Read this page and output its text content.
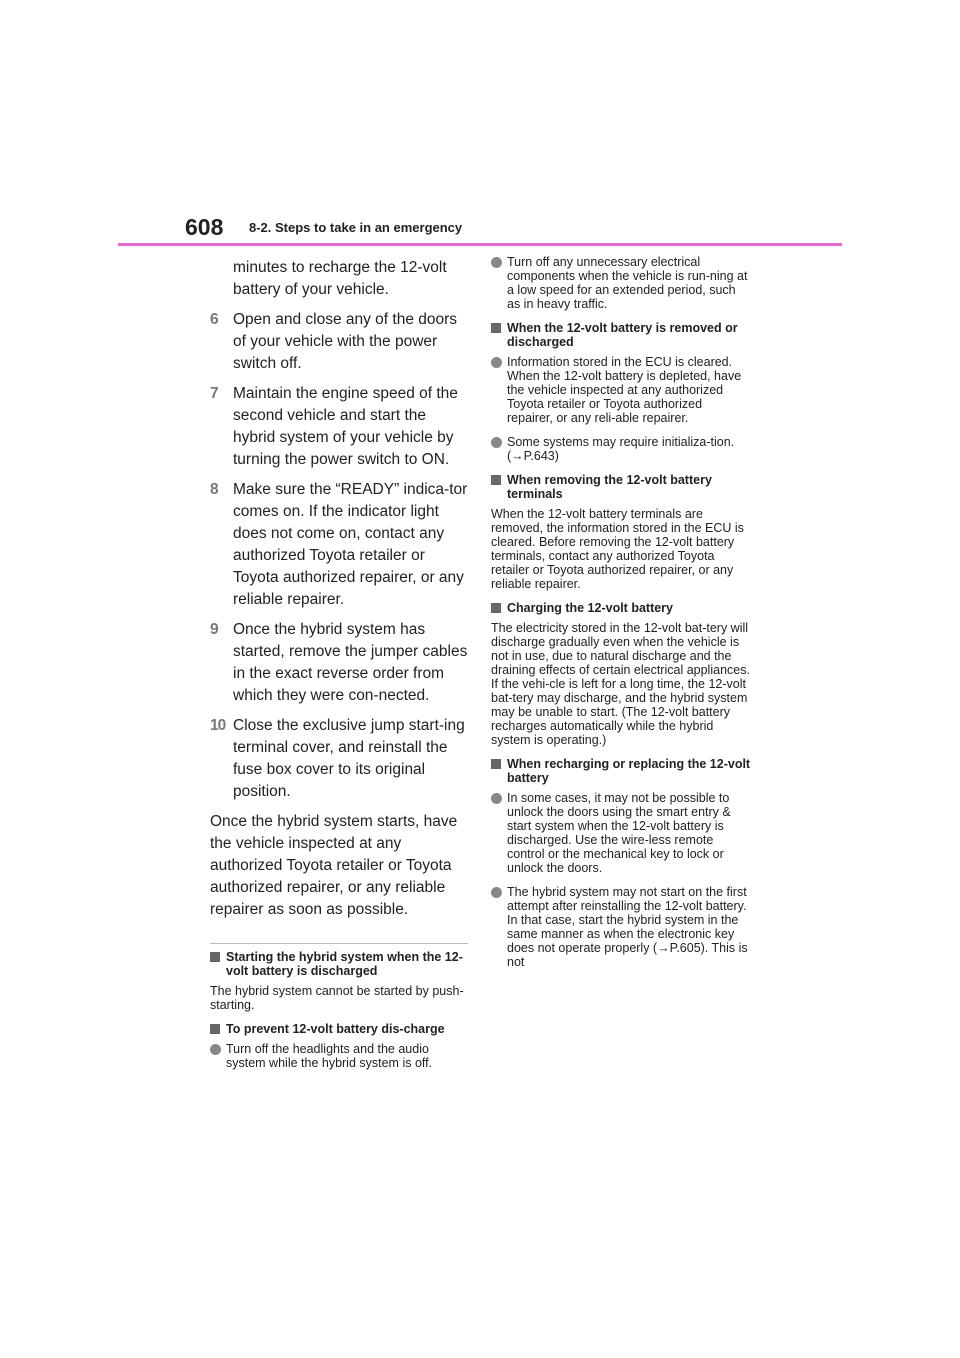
608 8-2. Steps to take in an emergency

minutes to recharge the 12-volt battery of your vehicle.

6 Open and close any of the doors of your vehicle with the power switch off.
7 Maintain the engine speed of the second vehicle and start the hybrid system of your vehicle by turning the power switch to ON.
8 Make sure the “READY” indica-tor comes on. If the indicator light does not come on, contact any authorized Toyota retailer or Toyota authorized repairer, or any reliable repairer.
9 Once the hybrid system has started, remove the jumper cables in the exact reverse order from which they were con-nected.
10 Close the exclusive jump start-ing terminal cover, and reinstall the fuse box cover to its original position.

Once the hybrid system starts, have the vehicle inspected at any authorized Toyota retailer or Toyota authorized repairer, or any reliable repairer as soon as possible.

Starting the hybrid system when the 12-volt battery is discharged

The hybrid system cannot be started by push-starting.

To prevent 12-volt battery dis-charge
Turn off the headlights and the audio system while the hybrid system is off.
Turn off any unnecessary electrical components when the vehicle is run-ning at a low speed for an extended period, such as in heavy traffic.
When the 12-volt battery is removed or discharged
Information stored in the ECU is cleared. When the 12-volt battery is depleted, have the vehicle inspected at any authorized Toyota retailer or Toyota authorized repairer, or any reli-able repairer.
Some systems may require initializa-tion. (→P.643)
When removing the 12-volt battery terminals

When the 12-volt battery terminals are removed, the information stored in the ECU is cleared. Before removing the 12-volt battery terminals, contact any authorized Toyota retailer or Toyota authorized repairer, or any reliable repairer.

Charging the 12-volt battery

The electricity stored in the 12-volt bat-tery will discharge gradually even when the vehicle is not in use, due to natural discharge and the draining effects of certain electrical appliances. If the vehi-cle is left for a long time, the 12-volt bat-tery may discharge, and the hybrid system may be unable to start. (The 12-volt battery recharges automatically while the hybrid system is operating.)

When recharging or replacing the 12-volt battery
In some cases, it may not be possible to unlock the doors using the smart entry & start system when the 12-volt battery is discharged. Use the wire-less remote control or the mechanical key to lock or unlock the doors.
The hybrid system may not start on the first attempt after reinstalling the 12-volt battery. In that case, start the hybrid system in the same manner as when the electronic key does not operate properly (→P.605). This is not
